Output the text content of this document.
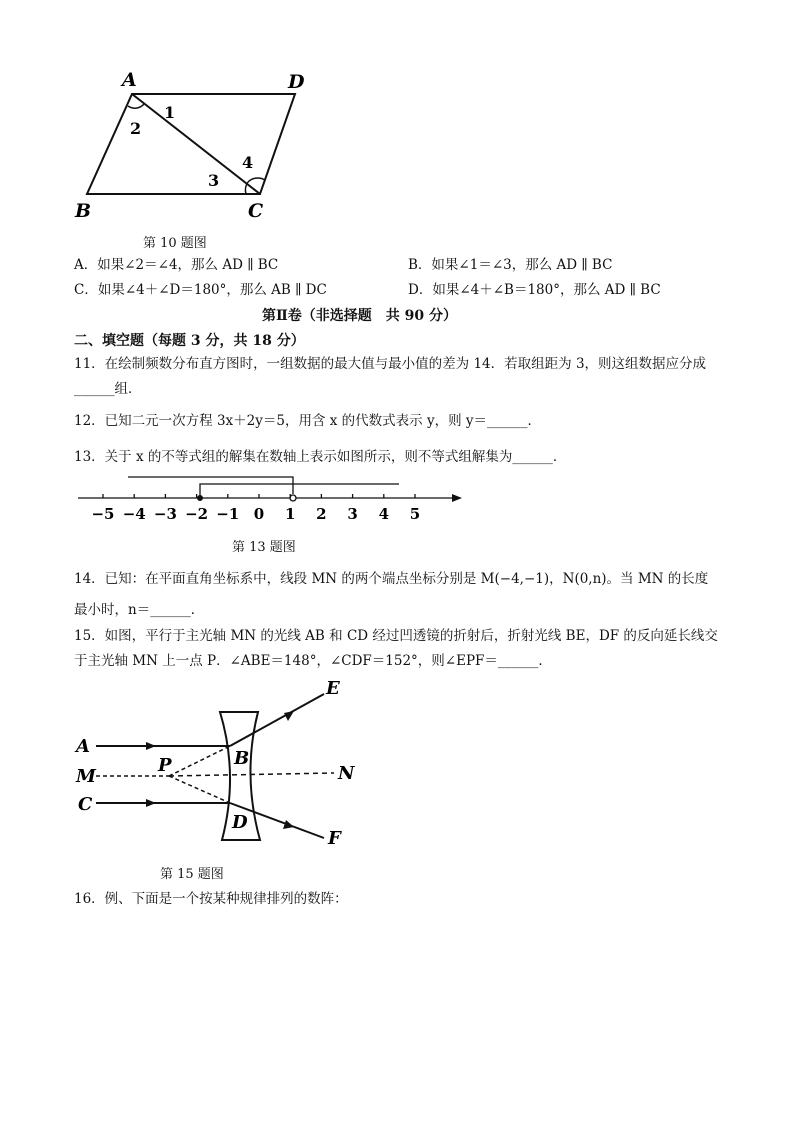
A	D
B	C
1
2
3
4
第 10 题图
A．如果∠2＝∠4，那么 AD ∥ BC	B．如果∠1＝∠3，那么 AD ∥ BC
C．如果∠4＋∠D＝180°，那么 AB ∥ DC	D．如果∠4＋∠B＝180°，那么 AD ∥ BC
第Ⅱ卷（非选择题　共 90 分）
二、填空题（每题 3 分，共 18 分）
11．在绘制频数分布直方图时，一组数据的最大值与最小值的差为 14．若取组距为 3，则这组数据应分成
______组．
12．已知二元一次方程 3x＋2y＝5，用含 x 的代数式表示 y，则 y＝______．
13．关于 x 的不等式组的解集在数轴上表示如图所示，则不等式组解集为______．
−5 −4 −3 −2 −1 0 1 2 3 4 5
第 13 题图
14．已知：在平面直角坐标系中，线段 MN 的两个端点坐标分别是 M(−4,−1)，N(0,n)。当 MN 的长度
最小时，n＝______．
15．如图，平行于主光轴 MN 的光线 AB 和 CD 经过凹透镜的折射后，折射光线 BE，DF 的反向延长线交
于主光轴 MN 上一点 P．∠ABE＝148°，∠CDF＝152°，则∠EPF＝______．
A
M
C
P	B
D
E
N
F
第 15 题图
16．例、下面是一个按某种规律排列的数阵：
